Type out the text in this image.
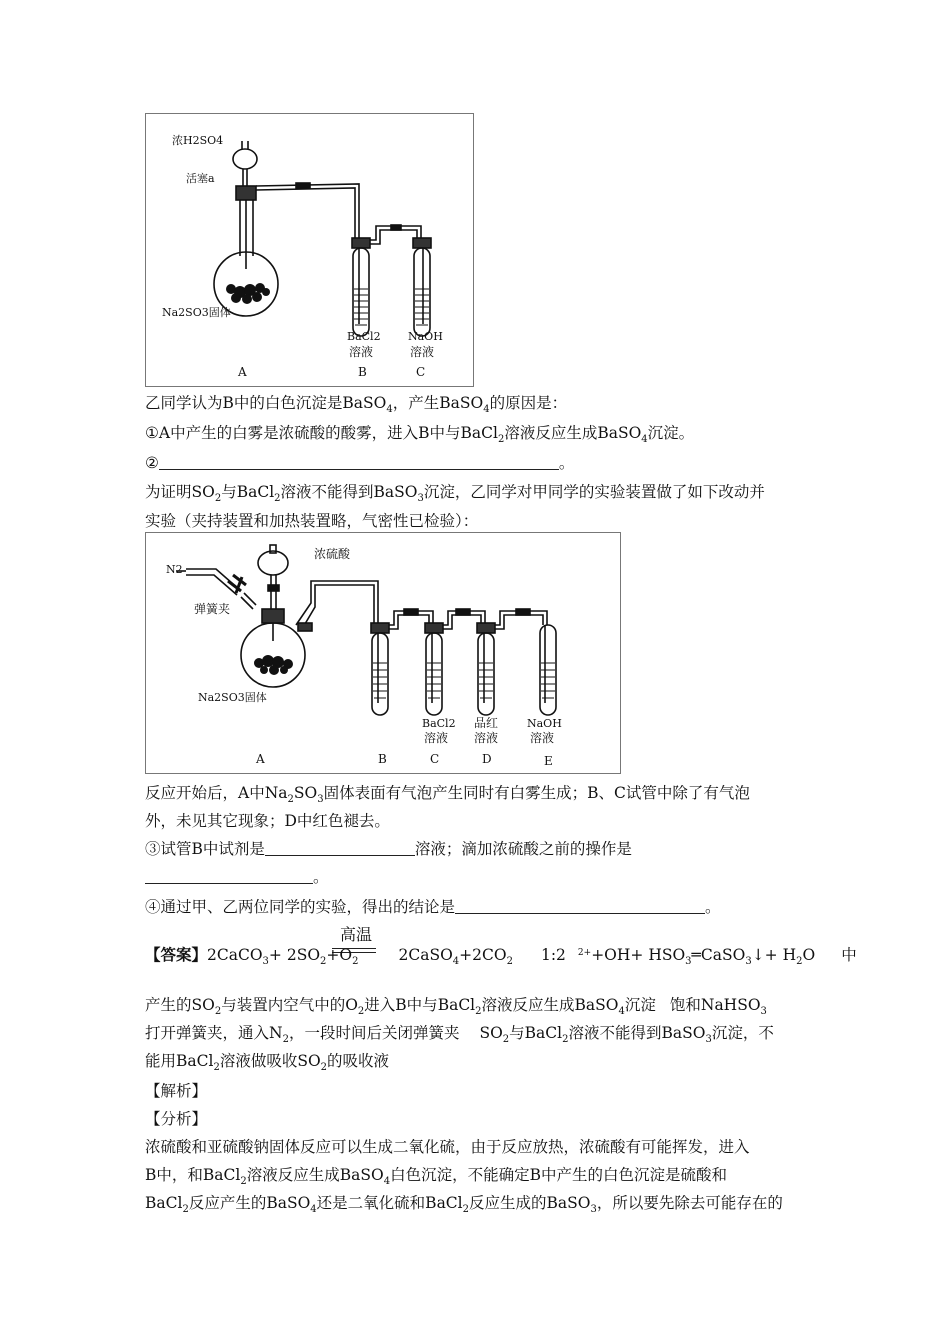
浓H2SO4
活塞a
Na2SO3固体
BaCl2
溶液
NaOH
溶液
A	B	C
乙同学认为B中的白色沉淀是BaSO$_4$，产生BaSO$_4$的原因是：
①A中产生的白雾是浓硫酸的酸雾，进入B中与BaCl$_2$溶液反应生成BaSO$_4$沉淀。
②	。
为证明$SO_2$与BaCl$_2$溶液不能得到BaSO$_3$沉淀，乙同学对甲同学的实验装置做了如下改动并
实验（夹持装置和加热装置略，气密性已检验）：
N2
浓硫酸
弹簧夹
Na2SO3固体
BaCl2
溶液
品红
溶液
NaOH
溶液
A	B	C	D	E
反应开始后，A中$Na_2SO_3$固体表面有气泡产生同时有白雾生成；B、C试管中除了有气泡
外，未见其它现象；D中红色褪去。
③试管B中试剂是	溶液；滴加浓硫酸之前的操作是
。
④通过甲、乙两位同学的实验，得出的结论是	。
高温
【答案】2CaCO$_3$+ $2SO_2+O_2$	$2CaSO_4+2CO_2$ 1:2 $^{2+}+OH+ HSO_3═CaSO_3↓+ H_2O$ 中
产生的$SO_2$与装置内空气中的$O_2$进入B中与BaCl$_2$溶液反应生成BaSO$_4$沉淀 饱和NaHSO$_3$
打开弹簧夹，通入$N_2$，一段时间后关闭弹簧夹 $SO_2$与BaCl$_2$溶液不能得到BaSO$_3$沉淀，不
能用BaCl$_2$溶液做吸收$SO_2$的吸收液
【解析】
【分析】
浓硫酸和亚硫酸钠固体反应可以生成二氧化硫，由于反应放热，浓硫酸有可能挥发，进入
B中，和BaCl$_2$溶液反应生成BaSO$_4$白色沉淀，不能确定B中产生的白色沉淀是硫酸和
BaCl$_2$反应产生的BaSO$_4$还是二氧化硫和BaCl$_2$反应生成的BaSO$_3$，所以要先除去可能存在的
